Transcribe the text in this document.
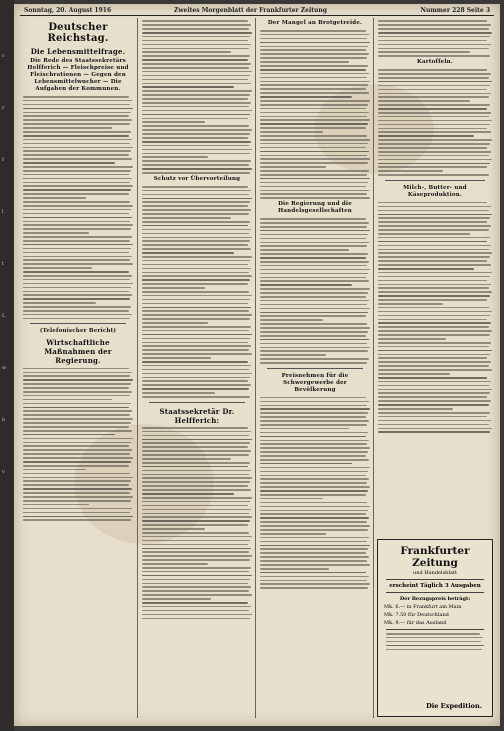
c
r
f
l
t
L
w
b
v
Sonntag, 20. August 1916	Zweites Morgenblatt der Frankfurter Zeitung	Nummer 228 Seite 3
Deutscher Reichstag.
Die Lebensmittelfrage.
Die Rede des Staatssekretärs Helfferich — Fleischpreise und Fleischrationen — Gegen den Lebensmittelwucher — Die Aufgaben der Kommunen.
(Telefonischer Bericht)
Wirtschaftliche Maßnahmen der Regierung.
Schutz vor Übervorteilung
Staatssekretär Dr. Helfferich:
Der Mangel an Brotgetreide.
Die Regierung und die Handelsgesellschaften
Preisnehmen für die Schwergewerbe der Bevölkerung
Kartoffeln.
Milch-, Butter- und Käseproduktion.
Frankfurter Zeitung
und Handelsblatt
erscheint Täglich 3 Ausgaben
Der Bezugspreis beträgt:
Mk. 6.— in Frankfurt am Main
Mk. 7.50 für Deutschland
Mk. 9.— für das Ausland
Die Expedition.
